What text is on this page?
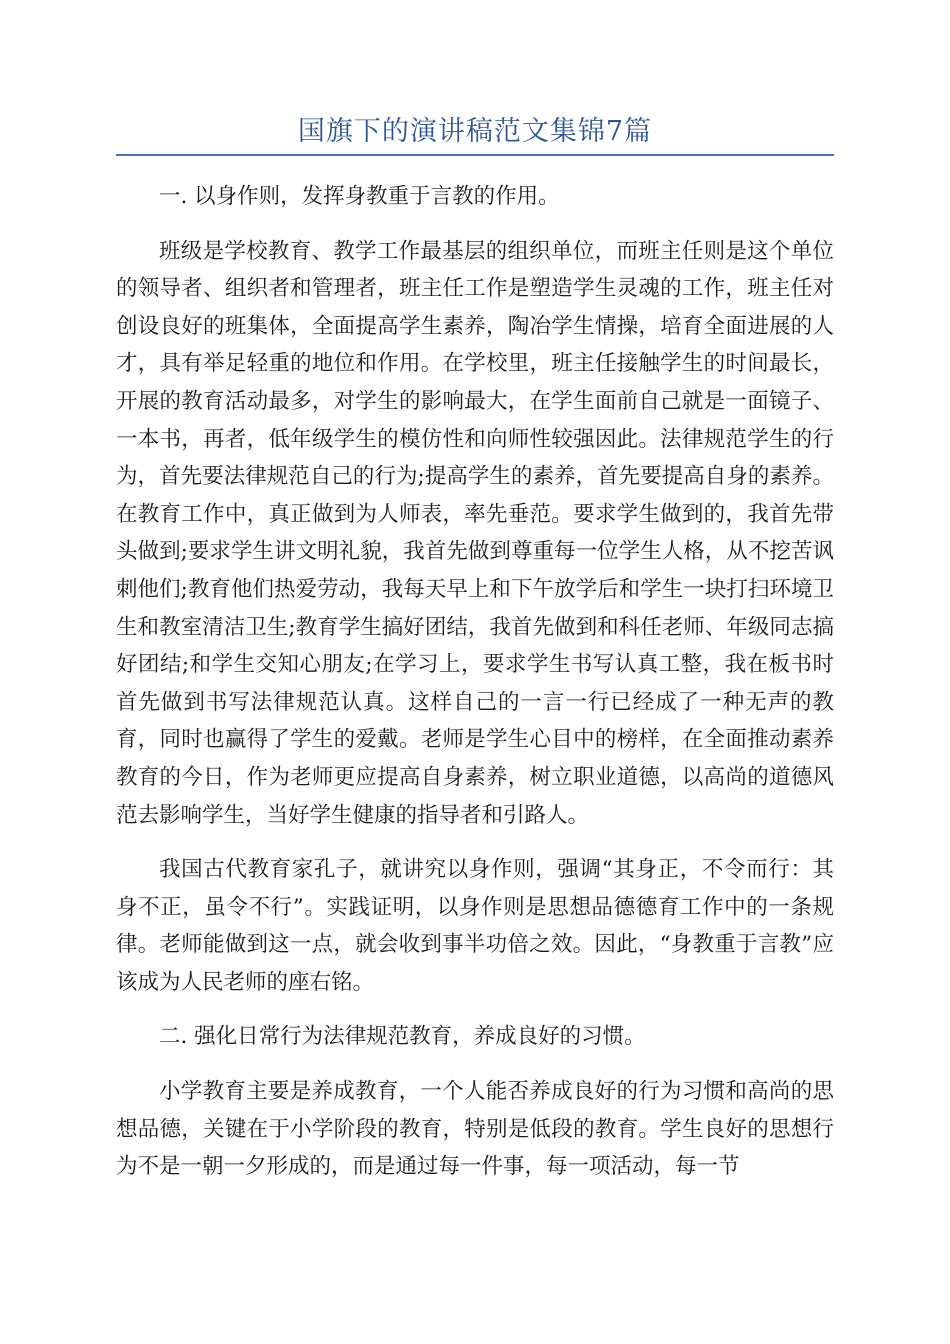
国旗下的演讲稿范文集锦7篇

一. 以身作则，发挥身教重于言教的作用。

班级是学校教育、教学工作最基层的组织单位，而班主任则是这个单位的领导者、组织者和管理者，班主任工作是塑造学生灵魂的工作，班主任对创设良好的班集体，全面提高学生素养，陶冶学生情操，培育全面进展的人才，具有举足轻重的地位和作用。在学校里，班主任接触学生的时间最长，开展的教育活动最多，对学生的影响最大，在学生面前自己就是一面镜子、一本书，再者，低年级学生的模仿性和向师性较强因此。法律规范学生的行为，首先要法律规范自己的行为;提高学生的素养，首先要提高自身的素养。在教育工作中，真正做到为人师表，率先垂范。要求学生做到的，我首先带头做到;要求学生讲文明礼貌，我首先做到尊重每一位学生人格，从不挖苦讽刺他们;教育他们热爱劳动，我每天早上和下午放学后和学生一块打扫环境卫生和教室清洁卫生;教育学生搞好团结，我首先做到和科任老师、年级同志搞好团结;和学生交知心朋友;在学习上，要求学生书写认真工整，我在板书时首先做到书写法律规范认真。这样自己的一言一行已经成了一种无声的教育，同时也赢得了学生的爱戴。老师是学生心目中的榜样，在全面推动素养教育的今日，作为老师更应提高自身素养，树立职业道德，以高尚的道德风范去影响学生，当好学生健康的指导者和引路人。

我国古代教育家孔子，就讲究以身作则，强调“其身正，不令而行：其身不正，虽令不行”。实践证明，以身作则是思想品德德育工作中的一条规律。老师能做到这一点，就会收到事半功倍之效。因此，“身教重于言教”应该成为人民老师的座右铭。

二. 强化日常行为法律规范教育，养成良好的习惯。

小学教育主要是养成教育，一个人能否养成良好的行为习惯和高尚的思想品德，关键在于小学阶段的教育，特别是低段的教育。学生良好的思想行为不是一朝一夕形成的，而是通过每一件事，每一项活动，每一节
